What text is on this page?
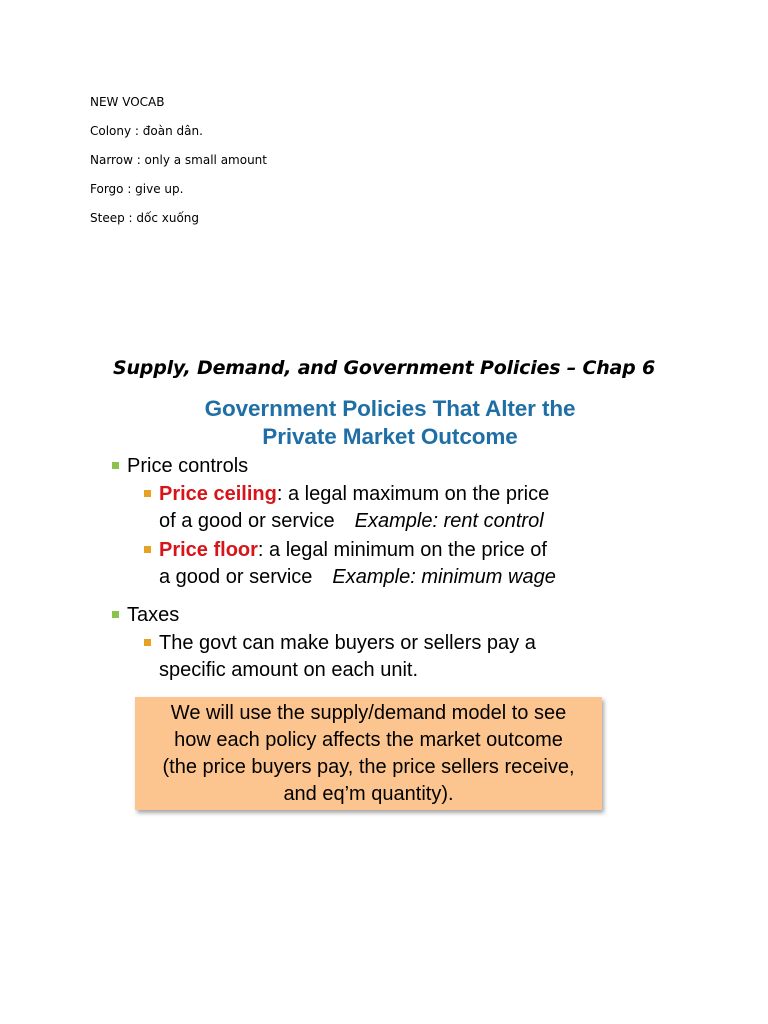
NEW VOCAB
Colony : đoàn dân.
Narrow : only a small amount
Forgo : give up.
Steep : dốc xuống
Supply, Demand, and Government Policies – Chap 6
Government Policies That Alter the
Private Market Outcome
Price controls
Price ceiling: a legal maximum on the price
of a good or service Example: rent control
Price floor: a legal minimum on the price of
a good or service Example: minimum wage
Taxes
The govt can make buyers or sellers pay a
specific amount on each unit.
We will use the supply/demand model to see
how each policy affects the market outcome
(the price buyers pay, the price sellers receive,
and eq’m quantity).
